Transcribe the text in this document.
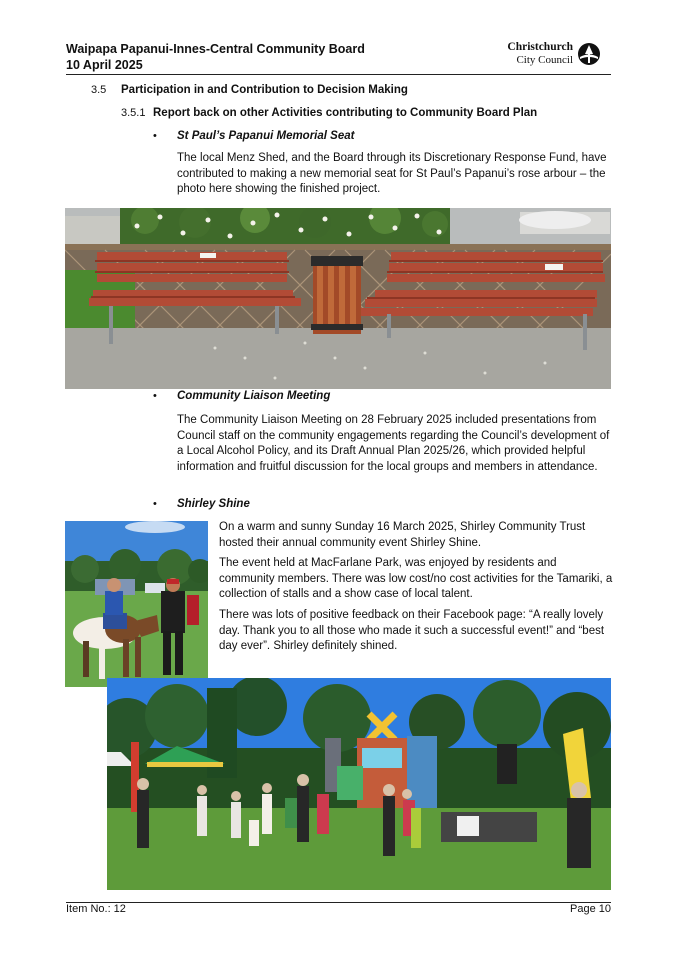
Waipapa Papanui-Innes-Central Community Board
10 April 2025
Christchurch
City Council
3.5 Participation in and Contribution to Decision Making
3.5.1 Report back on other Activities contributing to Community Board Plan
• St Paul’s Papanui Memorial Seat

The local Menz Shed, and the Board through its Discretionary Response Fund, have contributed to making a new memorial seat for St Paul’s Papanui’s rose arbour – the photo here showing the finished project.

• Community Liaison Meeting

The Community Liaison Meeting on 28 February 2025 included presentations from Council staff on the community engagements regarding the Council’s development of a Local Alcohol Policy, and its Draft Annual Plan 2025/26, which provided helpful information and fruitful discussion for the local groups and members in attendance.

• Shirley Shine

On a warm and sunny Sunday 16 March 2025, Shirley Community Trust hosted their annual community event Shirley Shine.

The event held at MacFarlane Park, was enjoyed by residents and community members. There was low cost/no cost activities for the Tamariki, a collection of stalls and a show case of local talent.

There was lots of positive feedback on their Facebook page: “A really lovely day. Thank you to all those who made it such a successful event!” and “best day ever”. Shirley definitely shined.

Item No.: 12	Page 10
